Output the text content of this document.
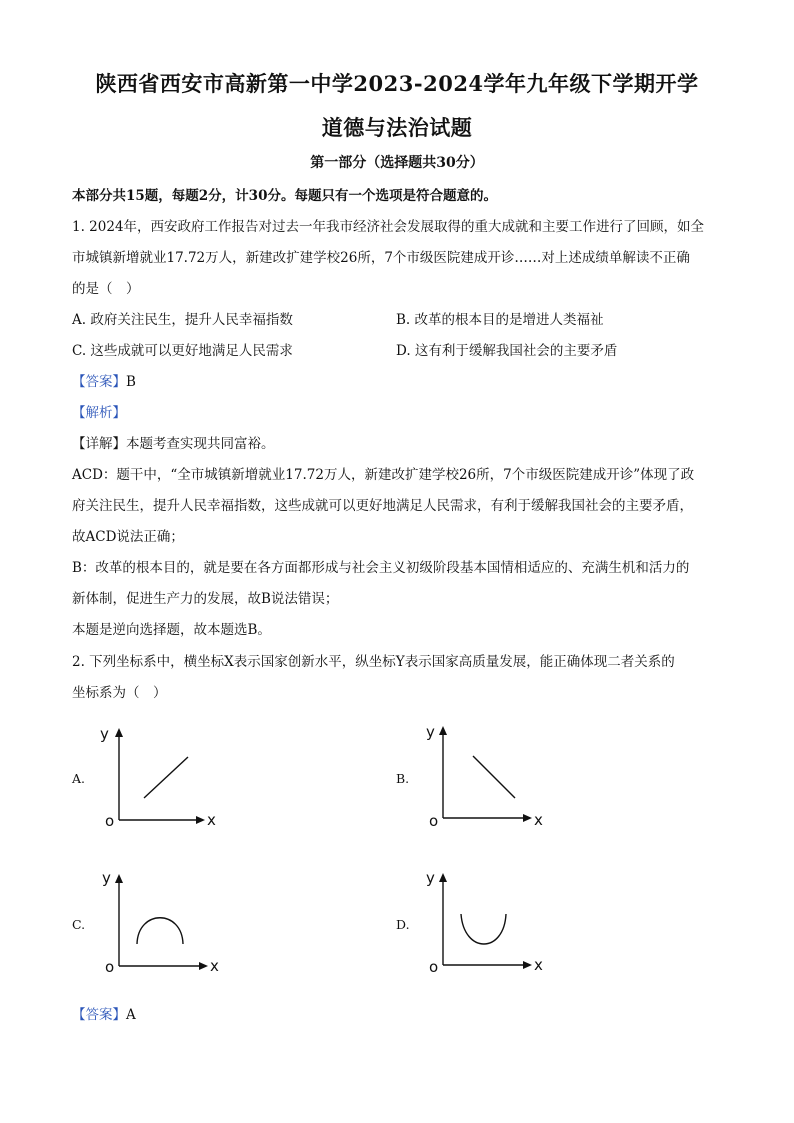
陕西省西安市高新第一中学2023-2024学年九年级下学期开学
道德与法治试题
第一部分（选择题共30分）
本部分共15题，每题2分，计30分。每题只有一个选项是符合题意的。
1. 2024年，西安政府工作报告对过去一年我市经济社会发展取得的重大成就和主要工作进行了回顾，如全
市城镇新增就业17.72万人，新建改扩建学校26所，7个市级医院建成开诊……对上述成绩单解读不正确
的是（　）
A. 政府关注民生，提升人民幸福指数	B. 改革的根本目的是增进人类福祉
C. 这些成就可以更好地满足人民需求	D. 这有利于缓解我国社会的主要矛盾
【答案】B
【解析】
【详解】本题考查实现共同富裕。
ACD：题干中，“全市城镇新增就业17.72万人，新建改扩建学校26所，7个市级医院建成开诊”体现了政
府关注民生，提升人民幸福指数，这些成就可以更好地满足人民需求，有利于缓解我国社会的主要矛盾，
故ACD说法正确；
B：改革的根本目的，就是要在各方面都形成与社会主义初级阶段基本国情相适应的、充满生机和活力的
新体制，促进生产力的发展，故B说法错误；
本题是逆向选择题，故本题选B。
2. 下列坐标系中，横坐标X表示国家创新水平，纵坐标Y表示国家高质量发展，能正确体现二者关系的
坐标系为（　）
A.
y
o	x
B.
y
o	x
C.
y
o	x
D.
y
o	x
【答案】A
